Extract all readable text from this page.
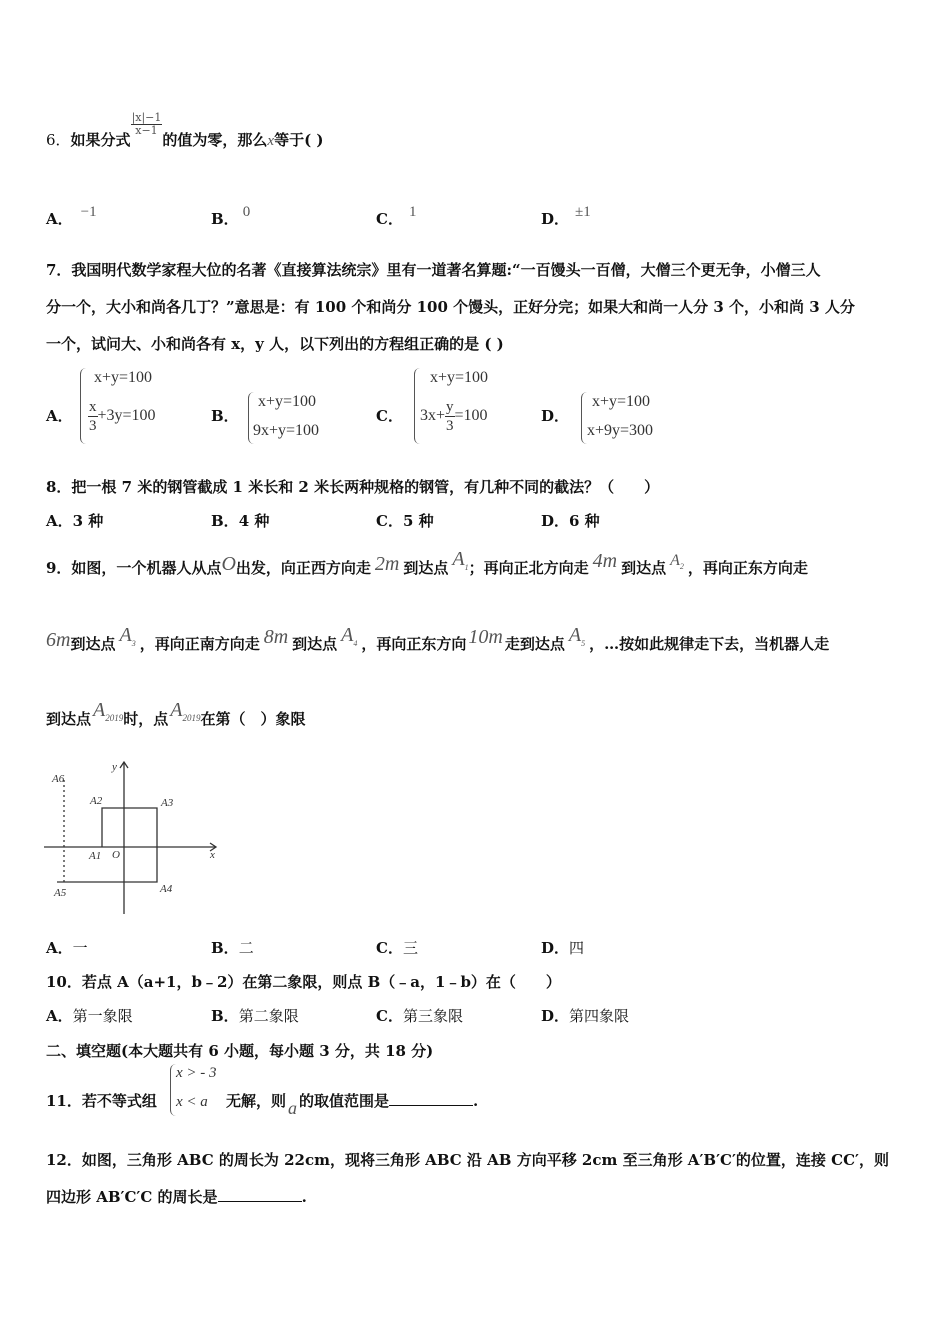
6．如果分式
$\frac{|x|-1}{x-1}$的值为零，那么x等于( )
A． −1	B． 0	C． 1	D． ±1
7．我国明代数学家程大位的名著《直接算法统宗》里有一道著名算题:“一百馒头一百僧，大僧三个更无争，小僧三人
分一个，大小和尚各几丁？”意思是：有 100 个和尚分 100 个馒头，正好分完；如果大和尚一人分 3 个，小和尚 3 人分
一个，试问大、小和尚各有 x，y 人，以下列出的方程组正确的是 ( )
A．
x+y=100
$\frac{x}{3}+3y=100$	B．
x+y=100
9x+y=100
C．
x+y=100
$3x+ \frac{y}{3}=100$	D．
x+y=100
x+9y=300
8．把一根 7 米的钢管截成 1 米长和 2 米长两种规格的钢管，有几种不同的截法？（　　）
A．3 种	B．4 种	C．5 种	D．6 种
9．如图，一个机器人从点O出发，向正西方向走 2m 到达点 $A_1$；再向正北方向走 4m 到达点 $A_2$ ，再向正东方向走
6m到达点 $A_3$ ，再向正南方向走 8m 到达点 $A_4$ ，再向正东方向 10m 走到达点 $A_5$ ，…按如此规律走下去，当机器人走
到达点 $A_{2019}$时，点 $A_{2019}$在第（　）象限
A6
A2	A3
A1 O
A5	A4
x
y
A．一	B．二	C．三	D．四
10．若点 A（a+1，b﹣2）在第二象限，则点 B（﹣a，1﹣b）在（　　）
A．第一象限	B．第二象限	C．第三象限	D．第四象限
二、填空题(本大题共有 6 小题，每小题 3 分，共 18 分)
11．若不等式组
x > - 3
x < a 无解，则 a 的取值范围是	.
12．如图，三角形 ABC 的周长为 22cm，现将三角形 ABC 沿 AB 方向平移 2cm 至三角形 A′B′C′的位置，连接 CC′，则
四边形 AB′C′C 的周长是	.
